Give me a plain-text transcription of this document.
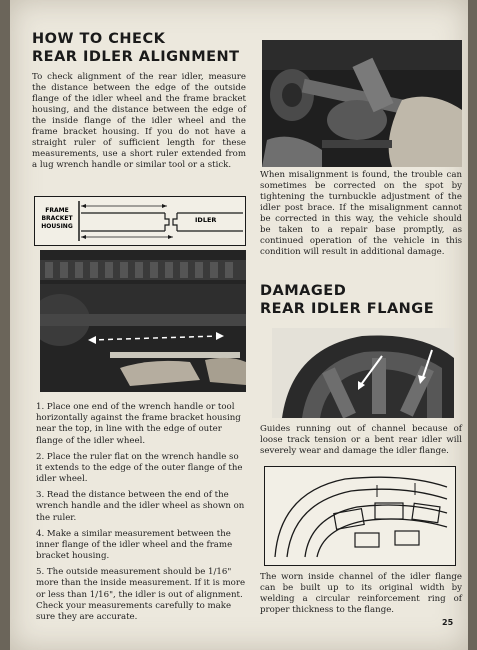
HOW TO CHECK
REAR IDLER ALIGNMENT
To check alignment of the rear idler, measure the distance between the edge of the outside flange of the idler wheel and the frame bracket housing, and the distance between the edge of the inside flange of the idler wheel and the frame bracket housing. If you do not have a straight ruler of sufficient length for these measurements, use a short ruler extended from a lug wrench handle or similar tool or a stick.
FRAME
BRACKET
HOUSING
IDLER

1. Place one end of the wrench handle or tool horizontally against the frame bracket housing near the top, in line with the edge of outer flange of the idler wheel.

2. Place the ruler flat on the wrench handle so it extends to the edge of the outer flange of the idler wheel.

3. Read the distance between the end of the wrench handle and the idler wheel as shown on the ruler.

4. Make a similar measurement between the inner flange of the idler wheel and the frame bracket housing.

5. The outside measurement should be 1/16" more than the inside measurement. If it is more or less than 1/16", the idler is out of alignment. Check your measurements carefully to make sure they are accurate.

When misalignment is found, the trouble can sometimes be corrected on the spot by tightening the turnbuckle adjustment of the idler post brace. If the misalignment cannot be corrected in this way, the vehicle should be taken to a repair base promptly, as continued operation of the vehicle in this condition will result in additional damage.
DAMAGED
REAR IDLER FLANGE
Guides running out of channel because of loose track tension or a bent rear idler will severely wear and damage the idler flange.
The worn inside channel of the idler flange can be built up to its original width by welding a circular reinforcement ring of proper thickness to the flange.
25
